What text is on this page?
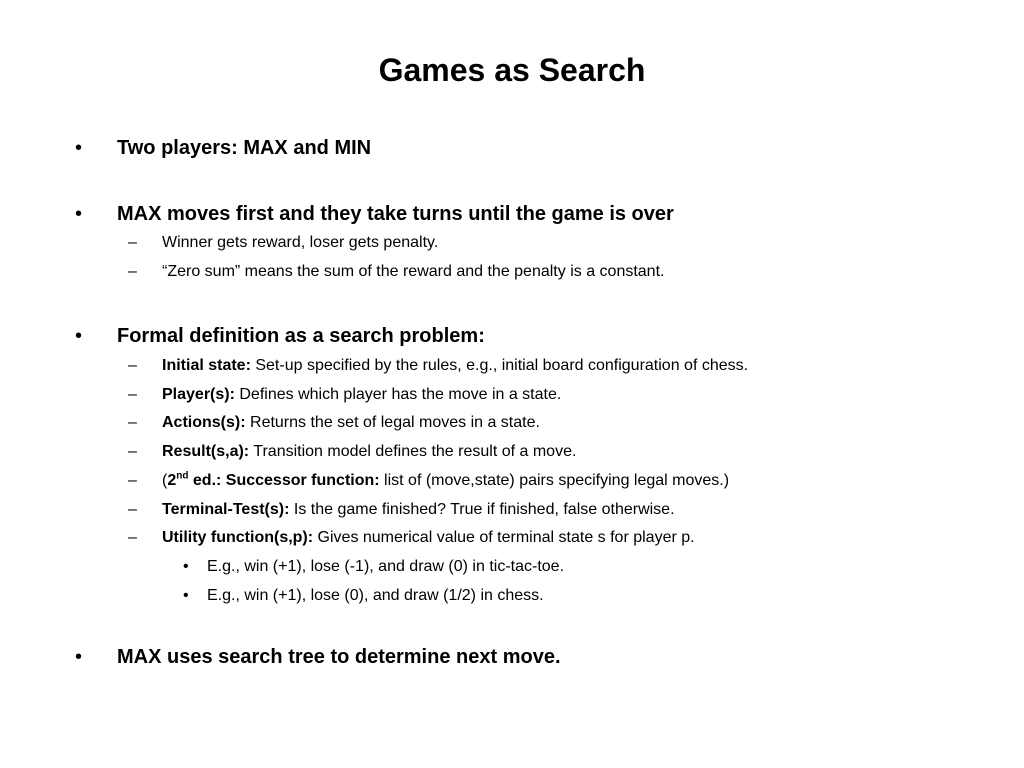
Games as Search
• Two players: MAX and MIN
• MAX moves first and they take turns until the game is over
– Winner gets reward, loser gets penalty.
– “Zero sum” means the sum of the reward and the penalty is a constant.
• Formal definition as a search problem:
– Initial state: Set-up specified by the rules, e.g., initial board configuration of chess.
– Player(s): Defines which player has the move in a state.
– Actions(s): Returns the set of legal moves in a state.
– Result(s,a): Transition model defines the result of a move.
– (2nd ed.: Successor function: list of (move,state) pairs specifying legal moves.)
– Terminal-Test(s): Is the game finished? True if finished, false otherwise.
– Utility function(s,p): Gives numerical value of terminal state s for player p.
• E.g., win (+1), lose (-1), and draw (0) in tic-tac-toe.
• E.g., win (+1), lose (0), and draw (1/2) in chess.
• MAX uses search tree to determine next move.
